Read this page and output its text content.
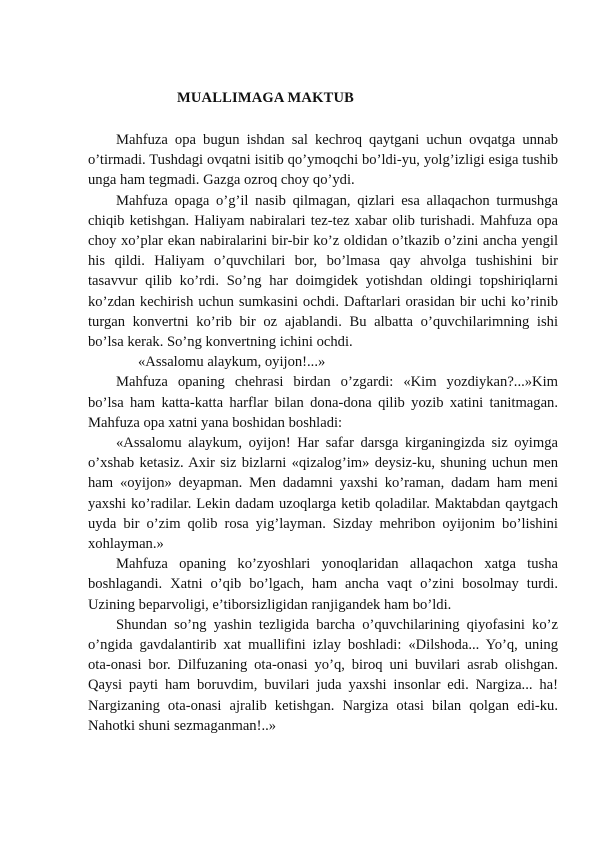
MUALLIMAGA MAKTUB

Mahfuza opa bugun ishdan sal kechroq qaytgani uchun ovqatga unnab o’tirmadi. Tushdagi ovqatni isitib qo’ymoqchi bo’ldi-yu, yolg’izligi esiga tushib unga ham tegmadi. Gazga ozroq choy qo’ydi.

Mahfuza opaga o’g’il nasib qilmagan, qizlari esa allaqachon turmushga chiqib ketishgan. Haliyam nabiralari tez-tez xabar olib turishadi. Mahfuza opa choy xo’plar ekan nabiralarini bir-bir ko’z oldidan o’tkazib o’zini ancha yengil his qildi. Haliyam o’quvchilari bor, bo’lmasa qay ahvolga tushishini bir tasavvur qilib ko’rdi. So’ng har doimgidek yotishdan oldingi topshiriqlarni ko’zdan kechirish uchun sumkasini ochdi. Daftarlari orasidan bir uchi ko’rinib turgan konvertni ko’rib bir oz ajablandi. Bu albatta o’quvchilarimning ishi bo’lsa kerak. So’ng konvertning ichini ochdi.

«Assalomu alaykum, oyijon!...»

Mahfuza opaning chehrasi birdan o’zgardi: «Kim yozdiykan?...»Kim bo’lsa ham katta-katta harflar bilan dona-dona qilib yozib xatini tanitmagan. Mahfuza opa xatni yana boshidan boshladi:

«Assalomu alaykum, oyijon! Har safar darsga kirganingizda siz oyimga o’xshab ketasiz. Axir siz bizlarni «qizalog’im» deysiz-ku, shuning uchun men ham «oyijon» deyapman. Men dadamni yaxshi ko’raman, dadam ham meni yaxshi ko’radilar. Lekin dadam uzoqlarga ketib qoladilar. Maktabdan qaytgach uyda bir o’zim qolib rosa yig’layman. Sizday mehribon oyijonim bo’lishini xohlayman.»

Mahfuza opaning ko’zyoshlari yonoqlaridan allaqachon xatga tusha boshlagandi. Xatni o’qib bo’lgach, ham ancha vaqt o’zini bosolmay turdi. Uzining beparvoligi, e’tiborsizligidan ranjigandek ham bo’ldi.

Shundan so’ng yashin tezligida barcha o’quvchilarining qiyofasini ko’z o’ngida gavdalantirib xat muallifini izlay boshladi: «Dilshoda... Yo’q, uning ota-onasi bor. Dilfuzaning ota-onasi yo’q, biroq uni buvilari asrab olishgan. Qaysi payti ham boruvdim, buvilari juda yaxshi insonlar edi. Nargiza... ha! Nargizaning ota-onasi ajralib ketishgan. Nargiza otasi bilan qolgan edi-ku. Nahotki shuni sezmaganman!..»
